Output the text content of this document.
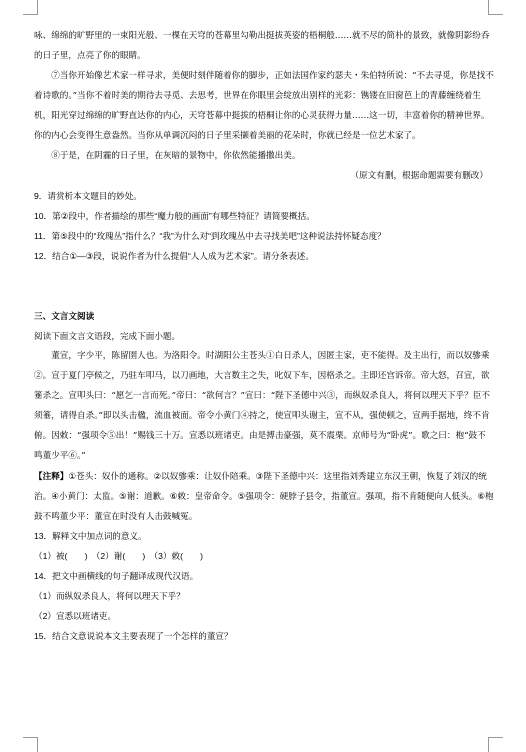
咏、绵绵的旷野里的一束阳光般、一棵在天穹的苍幕里勾勒出挺拔英姿的梧桐般……就不尽的简朴的景致，就像阴影纷呑的日子里，点亮了你的眼睛。

⑦当你开始像艺术家一样寻求，美便时刻伴随着你的脚步，正如法国作家约瑟夫・朱伯特所说：“不去寻觅，你是找不着诗歌的。”当你不着时美的期待去寻觅、去思考，世界在你眼里会绽放出别样的光彩：镌镂在旧窗芭上的青藤缠绕着生机，阳光穿过绵绵的旷野直达你的内心，天穹苍幕中挺拔的梧桐让你的心灵获得力量……这一切，丰富着你的精神世界。你的内心会变得生意盎然。当你从单调沉闷的日子里采撷着美丽的花朵时，你就已经是一位艺术家了。

⑧于是，在阴霾的日子里，在灰暗的景物中，你依然能播撒出美。

（原文有删，根据命题需要有删改）

9．请赏析本文题目的妙处。

10．第②段中，作者描绘的那些“魔力般的画面”有哪些特征？请简要概括。

11．第⑤段中的“玫瑰丛”指什么？“我”为什么对“到玫瑰丛中去寻找美吧”这种说法持怀疑态度？

12．结合①—③段，说说作者为什么提倡“人人成为艺术家”。请分条表述。

三、文言文阅读

阅读下面文言文语段，完成下面小题。

董宣，字少平，陈留圉人也。为洛阳令。时湖阳公主苍头①白日杀人，因匿主家，吏不能得。及主出行，而以奴骖乘②。宣于夏门亭候之，乃驻车叩马，以刀画地，大言数主之失，叱奴下车，因格杀之。主即还宫诉帝。帝大怒，召宣，欲箠杀之。宣叩头曰：“愿乞一言而死。”帝曰：“欲何言？”宣曰：“陛下圣德中兴③，而纵奴杀良人，将何以理天下乎？臣不须箠，请得自杀。”即以头击楹，流血被面。帝令小黄门④持之，使宣叩头谢主，宣不从，强使顿之，宣两手据地，终不肯俯。因敕：“强项令⑤出！”赐钱三十万。宣悉以班诸吏。由是搏击豪强，莫不震栗。京师号为“卧虎”。歌之曰：枹“鼓不鸣董少平⑥。”

【注释】①苍头：奴仆的通称。②以奴骖乘：让奴仆陪乘。③陛下圣德中兴：这里指刘秀建立东汉王朝，恢复了刘汉的统治。④小黄门：太监。⑤谢：道歉。⑥敕：皇帝命令。⑤强项令：硬脖子县令，指董宣。强项，指不肯随便向人低头。⑥枹鼓不鸣董少平：董宣在时没有人击鼓喊冤。

13．解释文中加点词的意义。

（1）被(　　)　（2）谢(　　)　（3）敕(　　)

14．把文中画横线的句子翻译成现代汉语。

（1）而纵奴杀良人，将何以理天下乎？

（2）宣悉以班诸吏。

15．结合文意说说本文主要表现了一个怎样的董宣？
